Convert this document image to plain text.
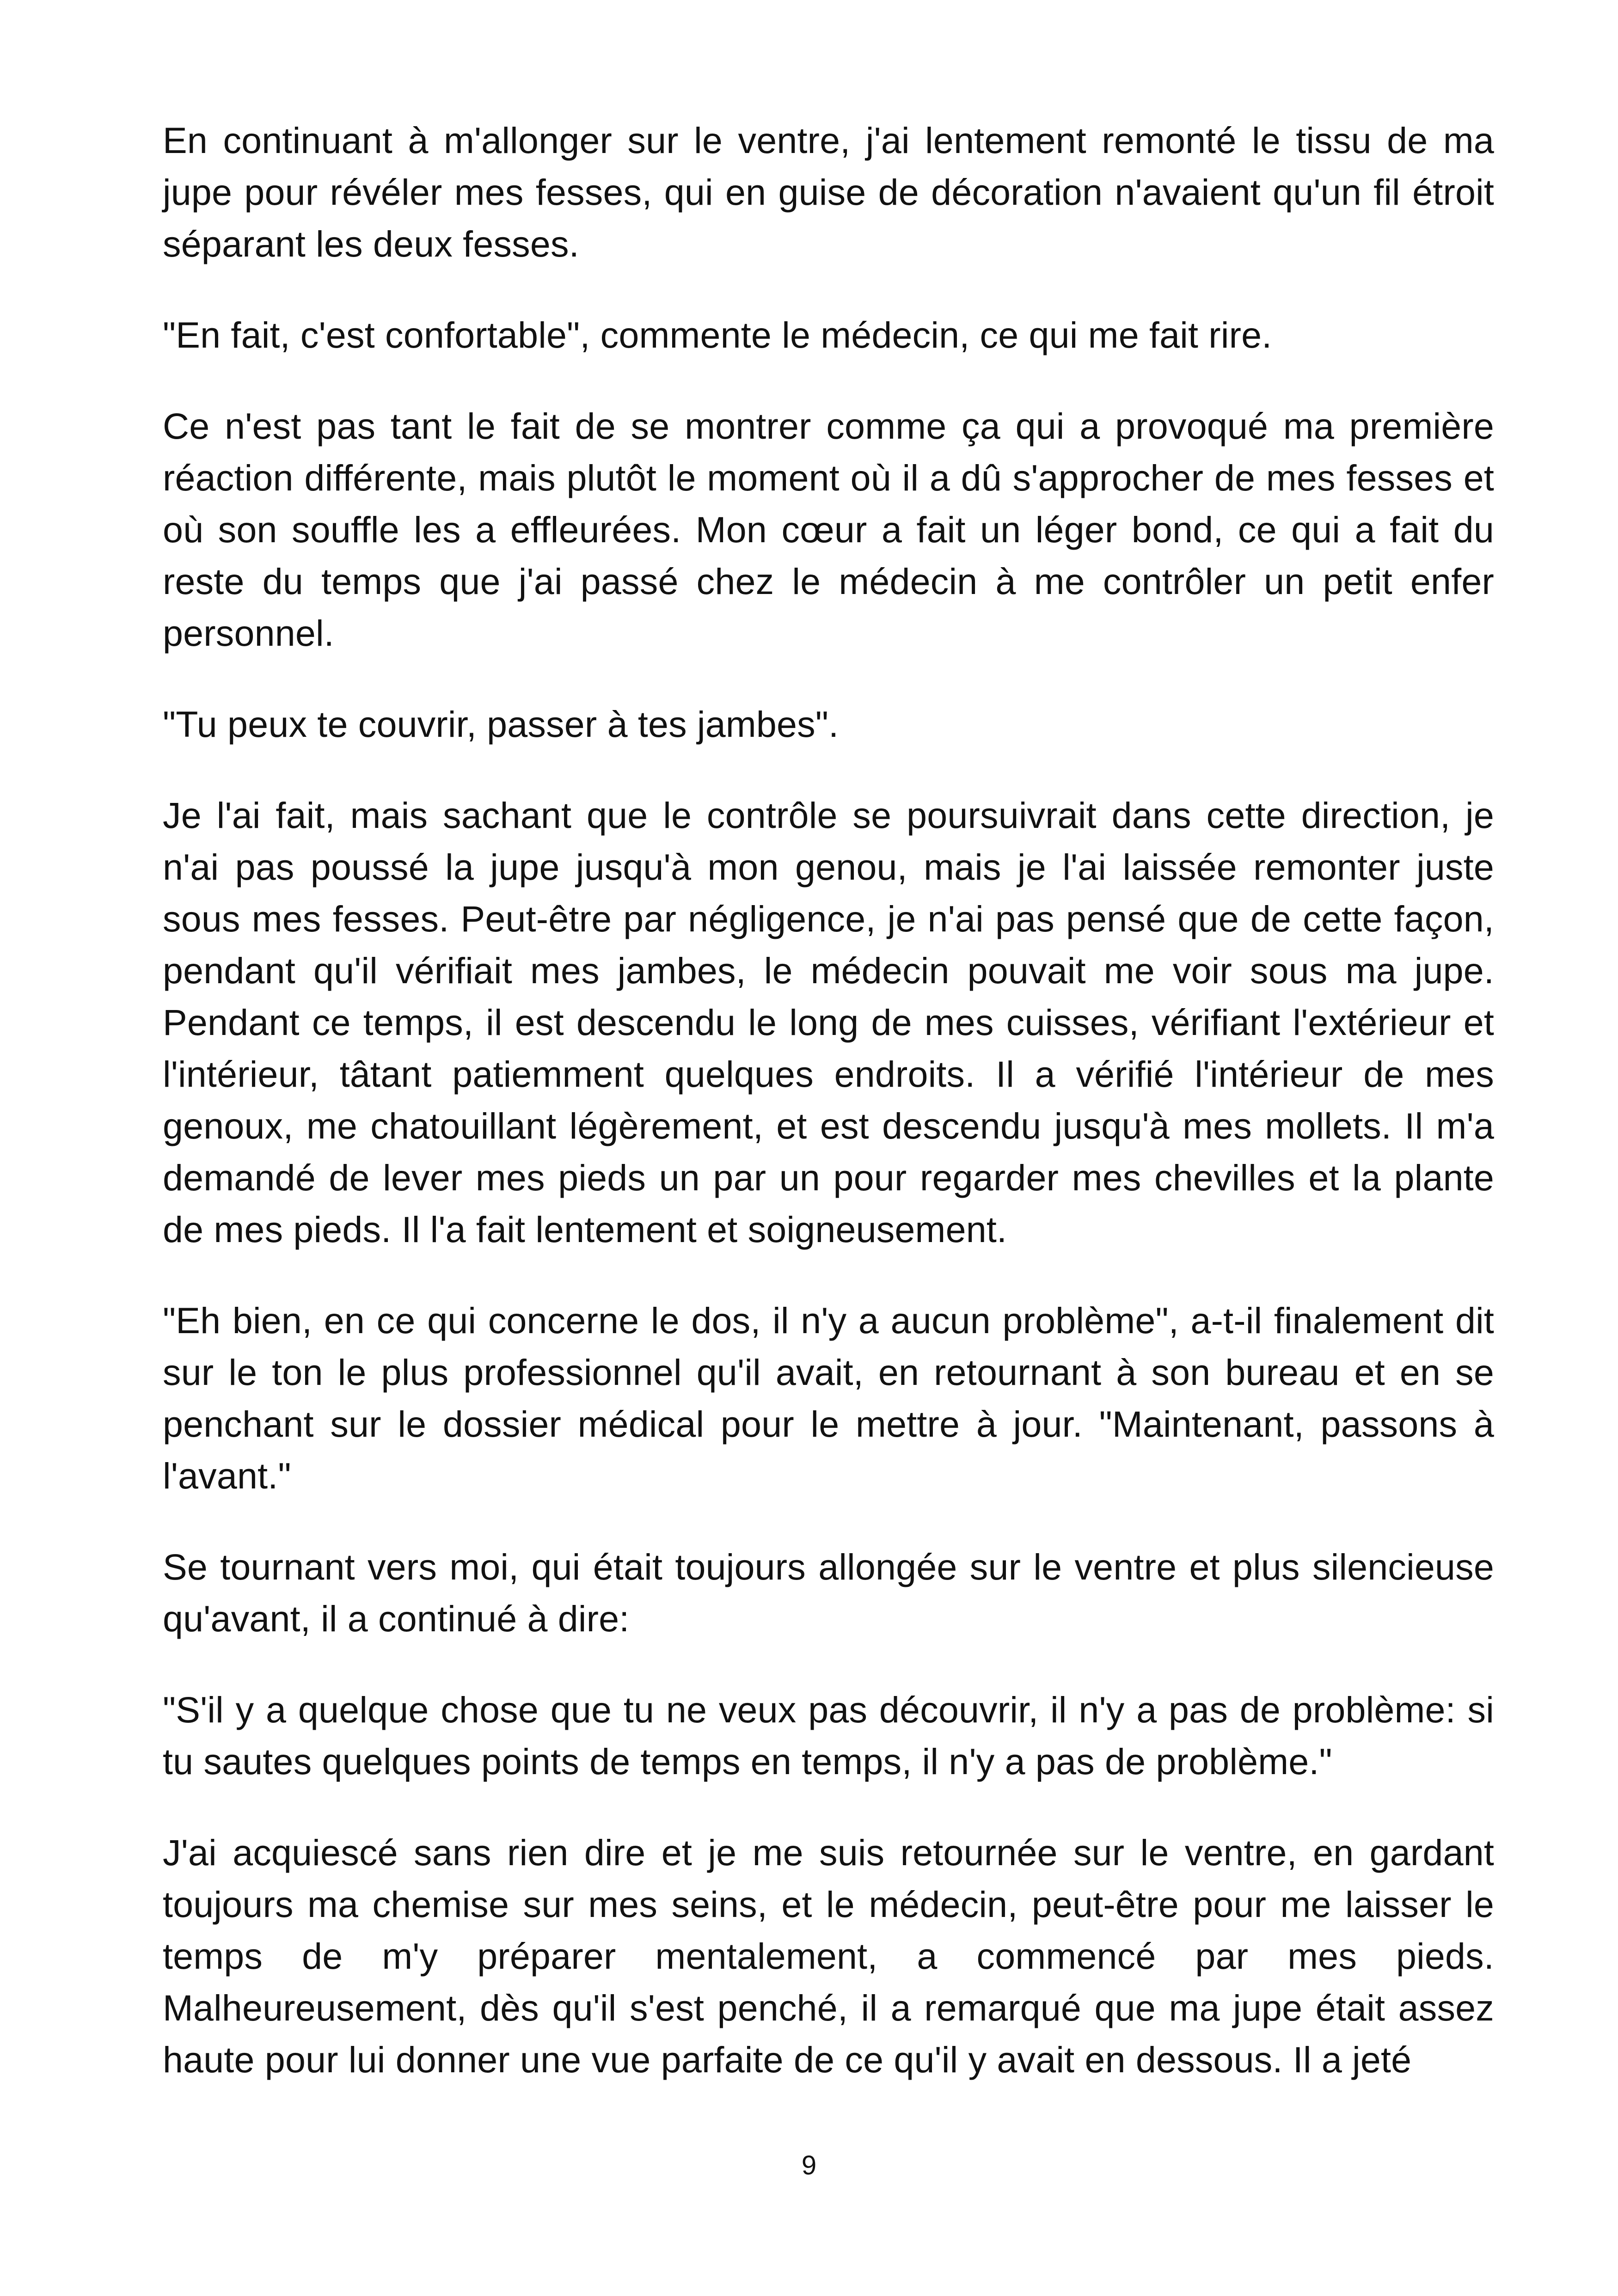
En continuant à m'allonger sur le ventre, j'ai lentement remonté le tissu de ma jupe pour révéler mes fesses, qui en guise de décoration n'avaient qu'un fil étroit séparant les deux fesses.

"En fait, c'est confortable", commente le médecin, ce qui me fait rire.

Ce n'est pas tant le fait de se montrer comme ça qui a provoqué ma première réaction différente, mais plutôt le moment où il a dû s'approcher de mes fesses et où son souffle les a effleurées. Mon cœur a fait un léger bond, ce qui a fait du reste du temps que j'ai passé chez le médecin à me contrôler un petit enfer personnel.

"Tu peux te couvrir, passer à tes jambes".

Je l'ai fait, mais sachant que le contrôle se poursuivrait dans cette direction, je n'ai pas poussé la jupe jusqu'à mon genou, mais je l'ai laissée remonter juste sous mes fesses. Peut-être par négligence, je n'ai pas pensé que de cette façon, pendant qu'il vérifiait mes jambes, le médecin pouvait me voir sous ma jupe. Pendant ce temps, il est descendu le long de mes cuisses, vérifiant l'extérieur et l'intérieur, tâtant patiemment quelques endroits. Il a vérifié l'intérieur de mes genoux, me chatouillant légèrement, et est descendu jusqu'à mes mollets. Il m'a demandé de lever mes pieds un par un pour regarder mes chevilles et la plante de mes pieds. Il l'a fait lentement et soigneusement.

"Eh bien, en ce qui concerne le dos, il n'y a aucun problème", a-t-il finalement dit sur le ton le plus professionnel qu'il avait, en retournant à son bureau et en se penchant sur le dossier médical pour le mettre à jour. "Maintenant, passons à l'avant."

Se tournant vers moi, qui était toujours allongée sur le ventre et plus silencieuse qu'avant, il a continué à dire:

"S'il y a quelque chose que tu ne veux pas découvrir, il n'y a pas de problème: si tu sautes quelques points de temps en temps, il n'y a pas de problème."

J'ai acquiescé sans rien dire et je me suis retournée sur le ventre, en gardant toujours ma chemise sur mes seins, et le médecin, peut-être pour me laisser le temps de m'y préparer mentalement, a commencé par mes pieds. Malheureusement, dès qu'il s'est penché, il a remarqué que ma jupe était assez haute pour lui donner une vue parfaite de ce qu'il y avait en dessous. Il a jeté

9
